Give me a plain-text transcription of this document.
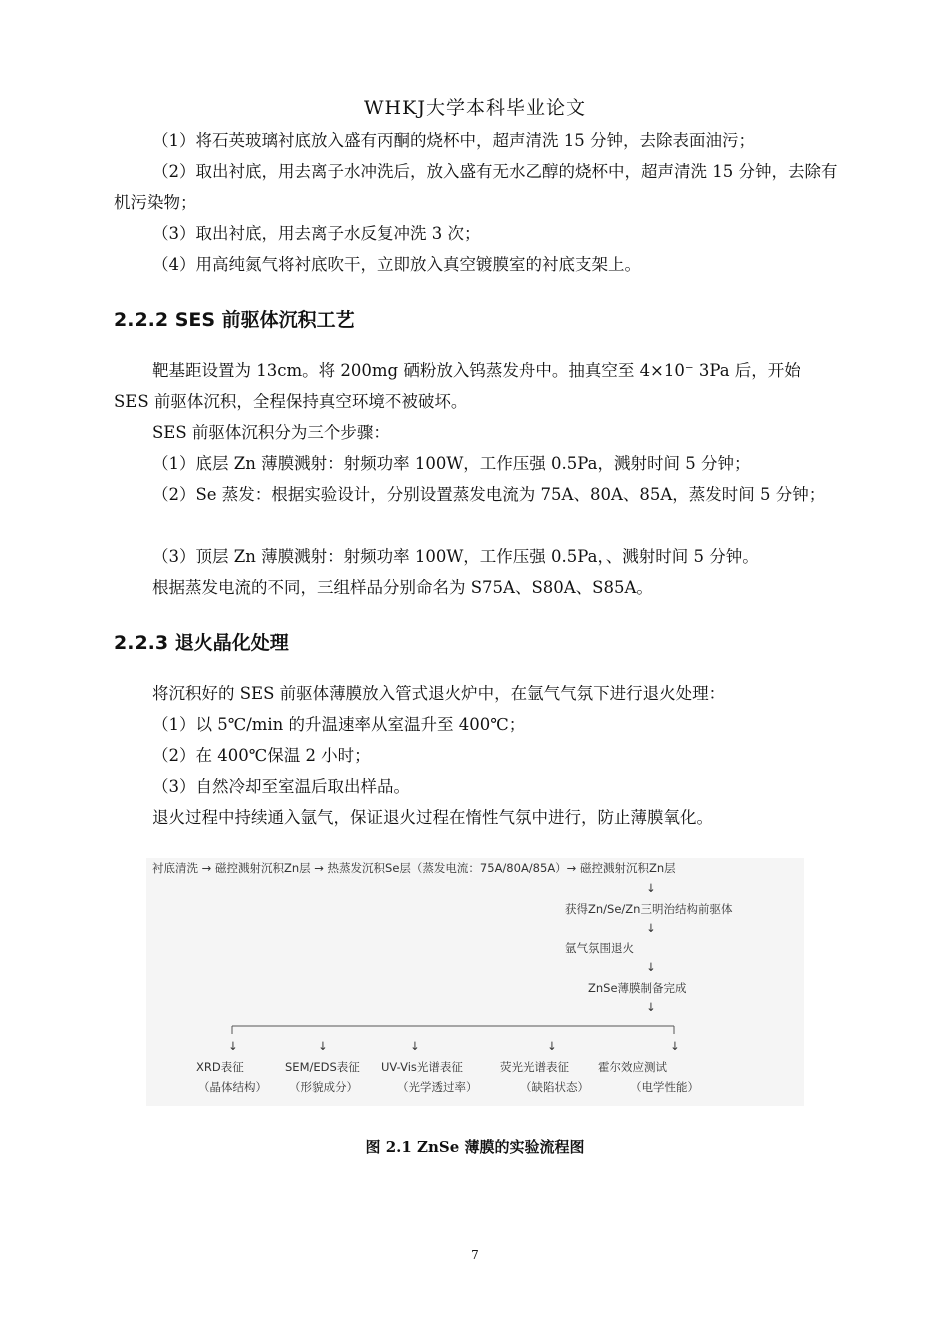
WHKJ大学本科毕业论文

（1）将石英玻璃衬底放入盛有丙酮的烧杯中，超声清洗 15 分钟，去除表面油污；

（2）取出衬底，用去离子水冲洗后，放入盛有无水乙醇的烧杯中，超声清洗 15 分钟，去除有机污染物；

（3）取出衬底，用去离子水反复冲洗 3 次；

（4）用高纯氮气将衬底吹干，立即放入真空镀膜室的衬底支架上。

2.2.2 SES 前驱体沉积工艺

靶基距设置为 13cm。将 200mg 硒粉放入钨蒸发舟中。抽真空至 4×10⁻ 3Pa 后，开始 SES 前驱体沉积，全程保持真空环境不被破坏。

SES 前驱体沉积分为三个步骤：

（1）底层 Zn 薄膜溅射：射频功率 100W，工作压强 0.5Pa，溅射时间 5 分钟；

（2）Se 蒸发：根据实验设计，分别设置蒸发电流为 75A、80A、85A，蒸发时间 5 分钟；

（3）顶层 Zn 薄膜溅射：射频功率 100W，工作压强 0.5Pa，、溅射时间 5 分钟。

根据蒸发电流的不同，三组样品分别命名为 S75A、S80A、S85A。

2.2.3 退火晶化处理

将沉积好的 SES 前驱体薄膜放入管式退火炉中，在氩气气氛下进行退火处理：

（1）以 5℃/min 的升温速率从室温升至 400℃；

（2）在 400℃保温 2 小时；

（3）自然冷却至室温后取出样品。

退火过程中持续通入氩气，保证退火过程在惰性气氛中进行，防止薄膜氧化。

衬底清洗 → 磁控溅射沉积Zn层 → 热蒸发沉积Se层（蒸发电流：75A/80A/85A）→ 磁控溅射沉积Zn层
↓
获得Zn/Se/Zn三明治结构前驱体
↓
氩气氛围退火
↓
ZnSe薄膜制备完成
↓
↓	↓	↓	↓	↓
XRD表征
（晶体结构）
SEM/EDS表征
（形貌成分）
UV-Vis光谱表征
（光学透过率）
荧光光谱表征
（缺陷状态）
霍尔效应测试
（电学性能）
图 2.1 ZnSe 薄膜的实验流程图
7
